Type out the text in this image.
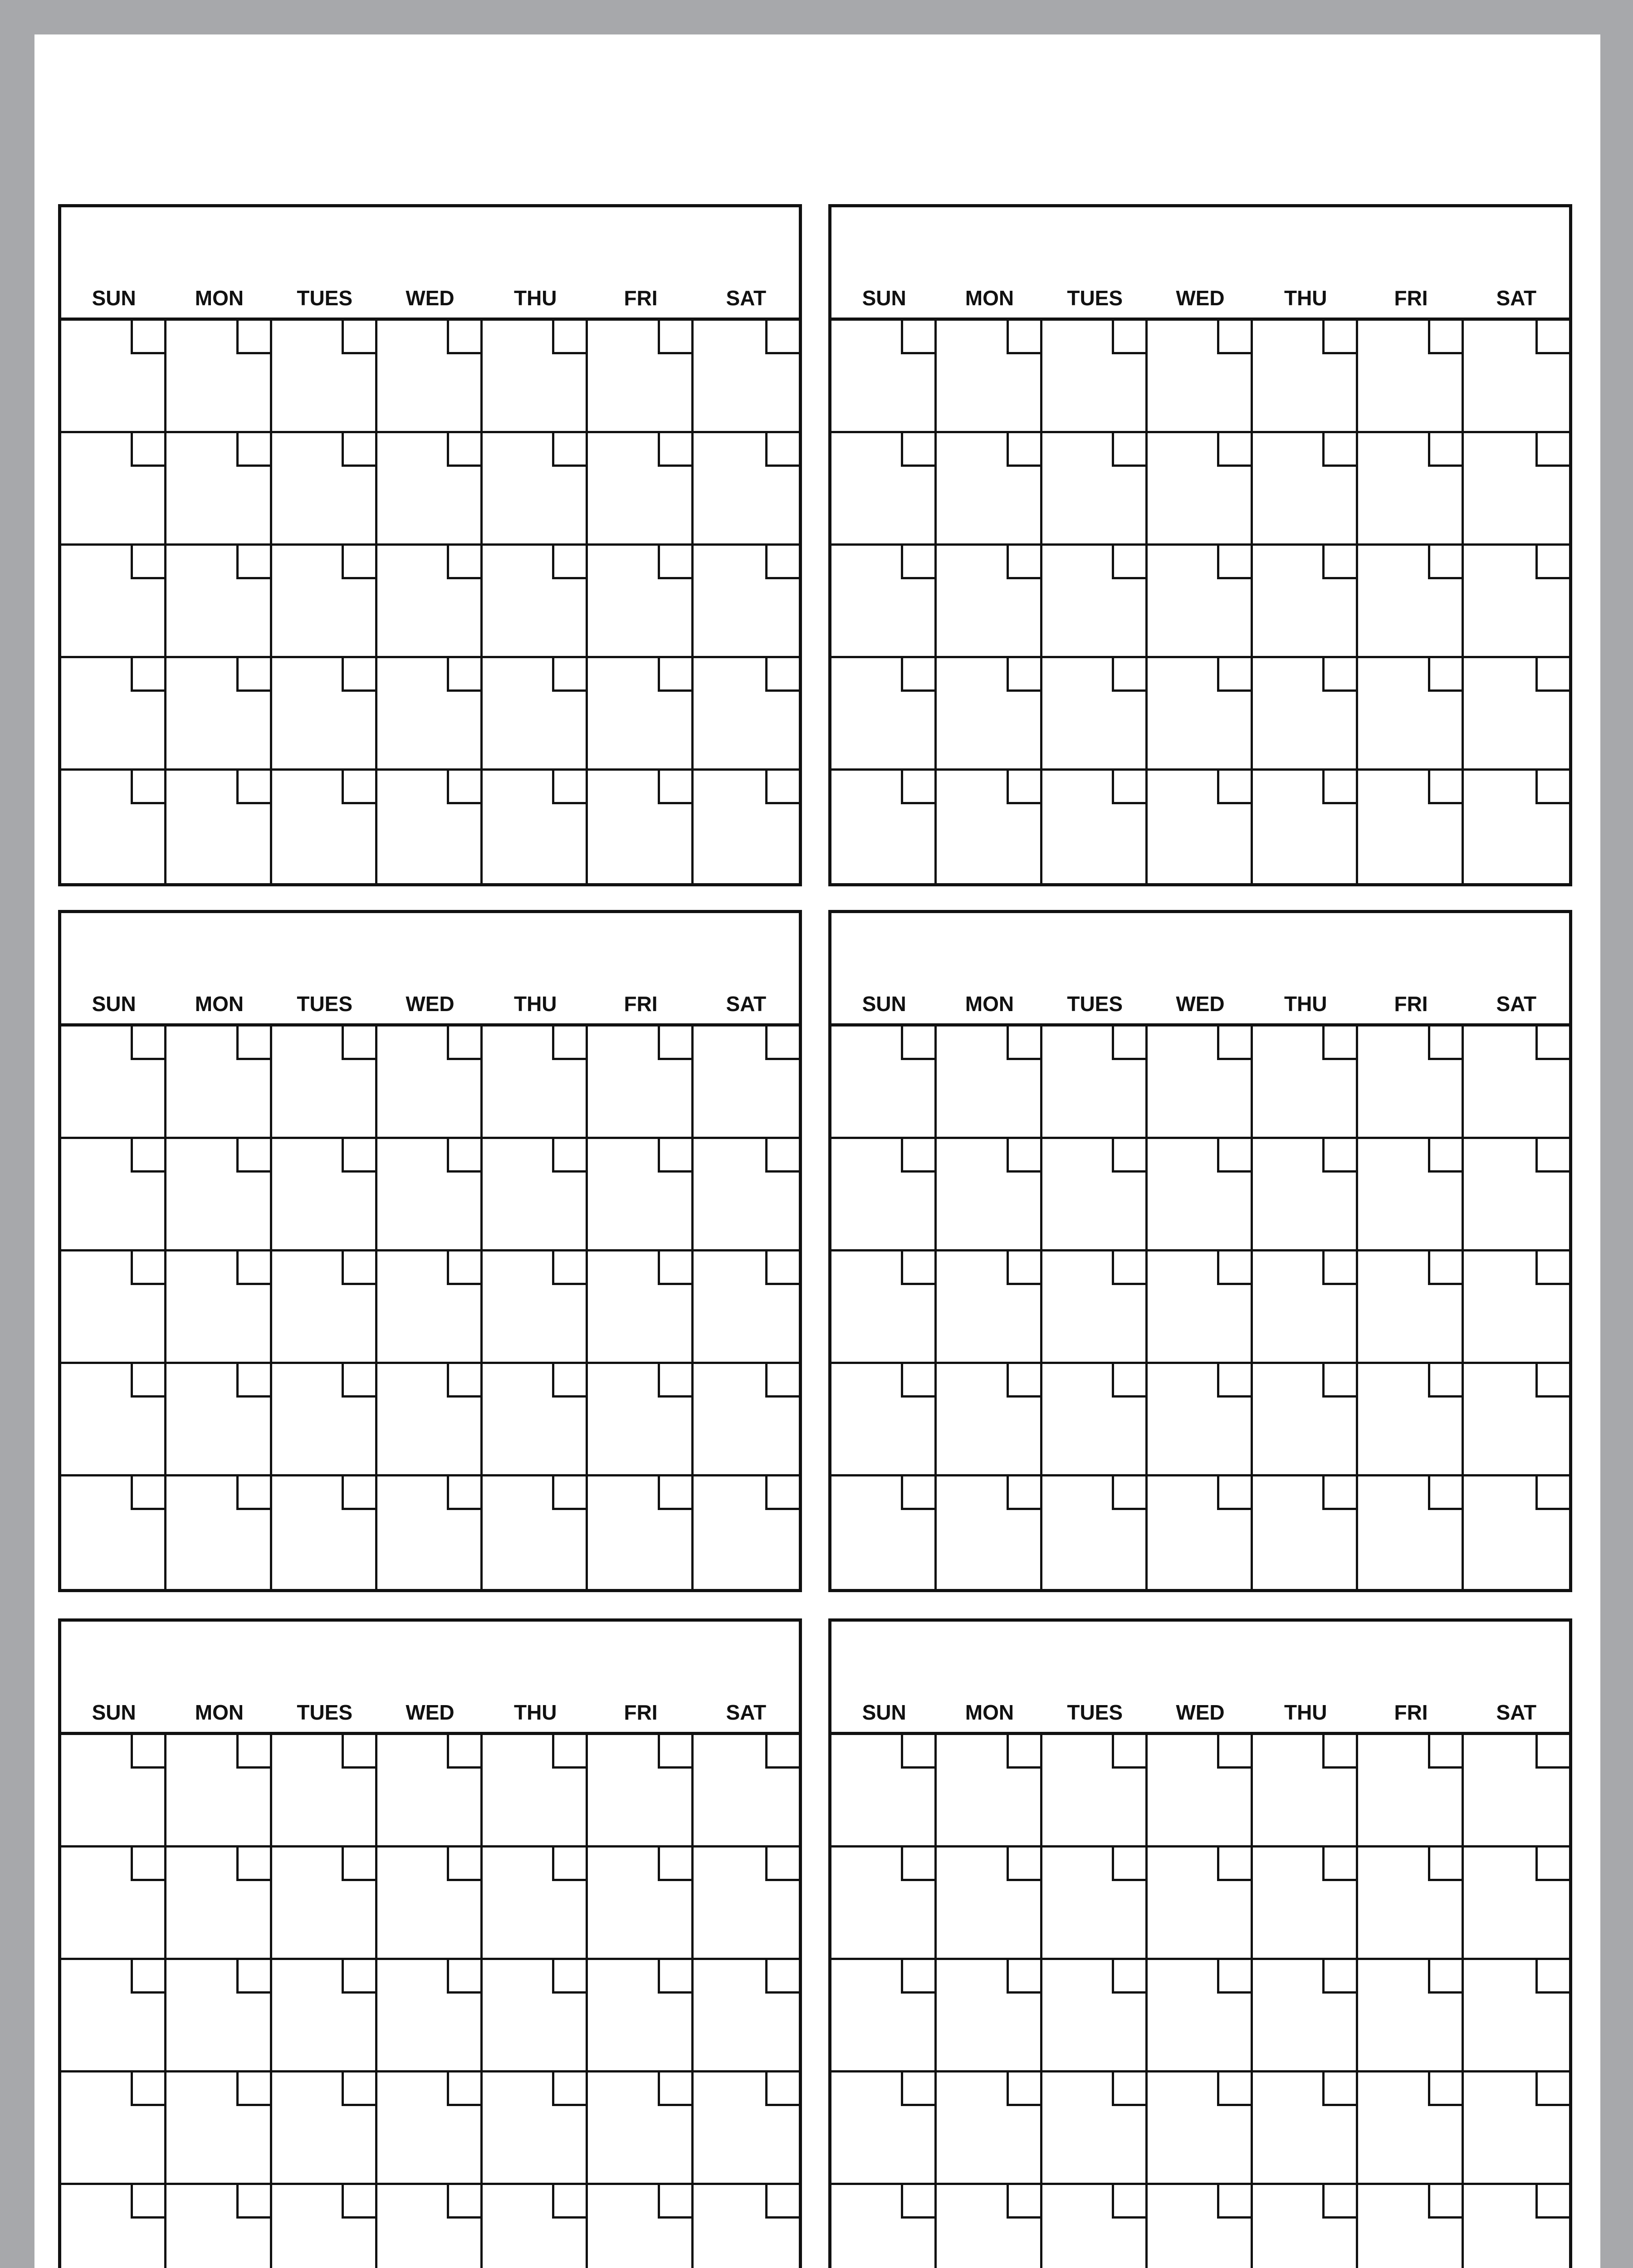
SUN	MON	TUES	WED	THU	FRI	SAT	SUN	MON	TUES	WED	THU	FRI	SAT
SUN	MON	TUES	WED	THU	FRI	SAT	SUN	MON	TUES	WED	THU	FRI	SAT
SUN	MON	TUES	WED	THU	FRI	SAT	SUN	MON	TUES	WED	THU	FRI	SAT
